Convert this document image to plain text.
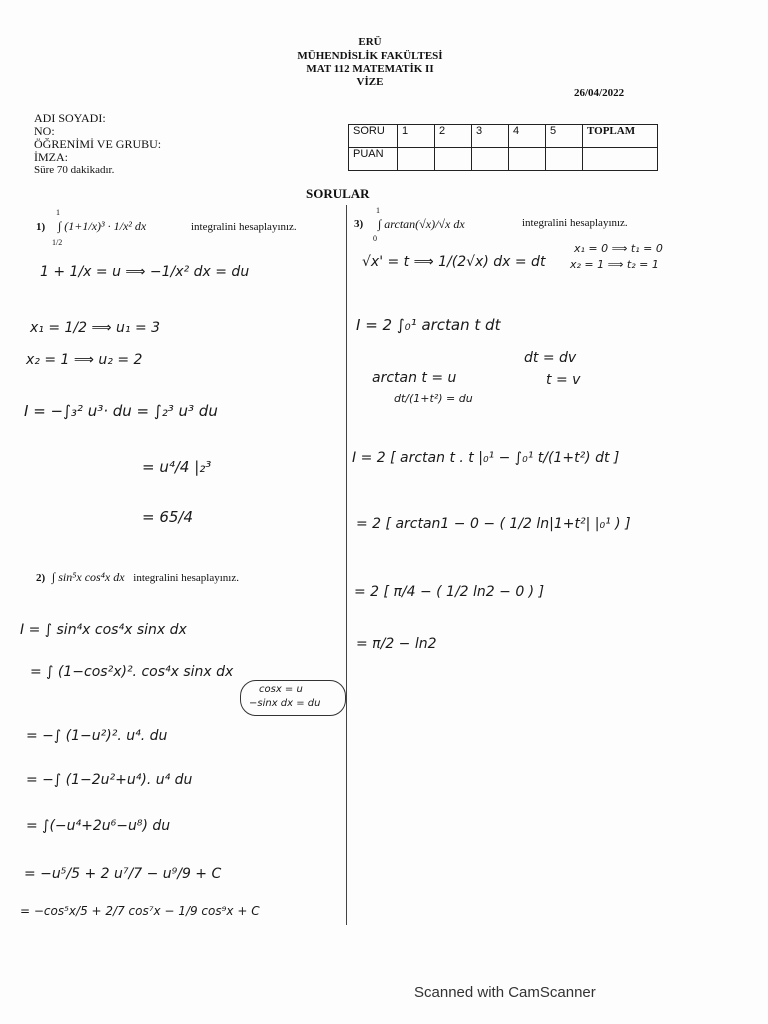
ERÜ
MÜHENDİSLİK FAKÜLTESİ
MAT 112 MATEMATİK II
VİZE
26/04/2022
ADI SOYADI:
NO:
ÖĞRENİMİ VE GRUBU:
İMZA:
Süre 70 dakikadır.
SORU	1	2	3	4	5	TOPLAM
PUAN						
SORULAR
1)
1
1/2
∫ (1+1/x)³ · 1/x² dx	integralini hesaplayınız.
1 + 1/x = u ⟹ −1/x² dx = du
x₁ = 1/2 ⟹ u₁ = 3
x₂ = 1 ⟹ u₂ = 2
I = −∫₃² u³· du = ∫₂³ u³ du
= u⁴/4 |₂³
= 65/4
2) ∫ sin⁵x cos⁴x dx integralini hesaplayınız.
I = ∫ sin⁴x cos⁴x sinx dx
= ∫ (1−cos²x)². cos⁴x sinx dx
cosx = u
−sinx dx = du
= −∫ (1−u²)². u⁴. du
= −∫ (1−2u²+u⁴). u⁴ du
= ∫(−u⁴+2u⁶−u⁸) du
= −u⁵/5 + 2 u⁷/7 − u⁹/9 + C
= −cos⁵x/5 + 2/7 cos⁷x − 1/9 cos⁹x + C
3)
1
0
∫ arctan(√x)/√x dx	integralini hesaplayınız.
√x' = t ⟹ 1/(2√x) dx = dt
x₁ = 0 ⟹ t₁ = 0
x₂ = 1 ⟹ t₂ = 1
I = 2 ∫₀¹ arctan t dt
arctan t = u
dt/(1+t²) = du
dt = dv
t = v
I = 2 [ arctan t . t |₀¹ − ∫₀¹ t/(1+t²) dt ]
= 2 [ arctan1 − 0 − ( 1/2 ln|1+t²| |₀¹ ) ]
= 2 [ π/4 − ( 1/2 ln2 − 0 ) ]
= π/2 − ln2
Scanned with CamScanner
